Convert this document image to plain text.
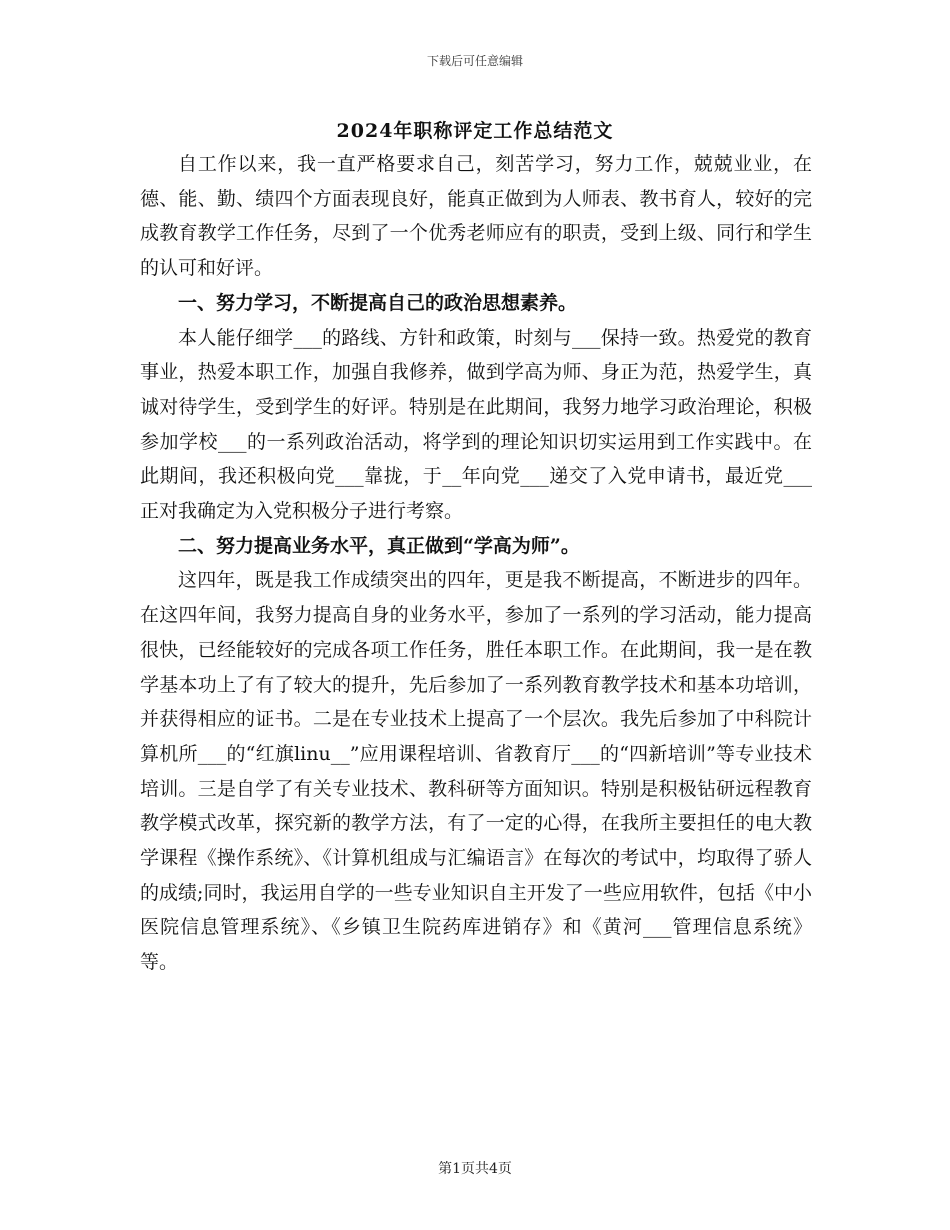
下载后可任意编辑
2024年职称评定工作总结范文

自工作以来，我一直严格要求自己，刻苦学习，努力工作，兢兢业业，在德、能、勤、绩四个方面表现良好，能真正做到为人师表、教书育人，较好的完成教育教学工作任务，尽到了一个优秀老师应有的职责，受到上级、同行和学生的认可和好评。

一、努力学习，不断提高自己的政治思想素养。

本人能仔细学___的路线、方针和政策，时刻与___保持一致。热爱党的教育事业，热爱本职工作，加强自我修养，做到学高为师、身正为范，热爱学生，真诚对待学生，受到学生的好评。特别是在此期间，我努力地学习政治理论，积极参加学校___的一系列政治活动，将学到的理论知识切实运用到工作实践中。在此期间，我还积极向党___靠拢，于__年向党___递交了入党申请书，最近党___正对我确定为入党积极分子进行考察。

二、努力提高业务水平，真正做到“学高为师”。

这四年，既是我工作成绩突出的四年，更是我不断提高，不断进步的四年。在这四年间，我努力提高自身的业务水平，参加了一系列的学习活动，能力提高很快，已经能较好的完成各项工作任务，胜任本职工作。在此期间，我一是在教学基本功上了有了较大的提升，先后参加了一系列教育教学技术和基本功培训，并获得相应的证书。二是在专业技术上提高了一个层次。我先后参加了中科院计算机所___的“红旗linu__”应用课程培训、省教育厅___的“四新培训”等专业技术培训。三是自学了有关专业技术、教科研等方面知识。特别是积极钻研远程教育教学模式改革，探究新的教学方法，有了一定的心得，在我所主要担任的电大教学课程《操作系统》、《计算机组成与汇编语言》在每次的考试中，均取得了骄人的成绩;同时，我运用自学的一些专业知识自主开发了一些应用软件，包括《中小医院信息管理系统》、《乡镇卫生院药库进销存》和《黄河___管理信息系统》等。

第1页共4页
